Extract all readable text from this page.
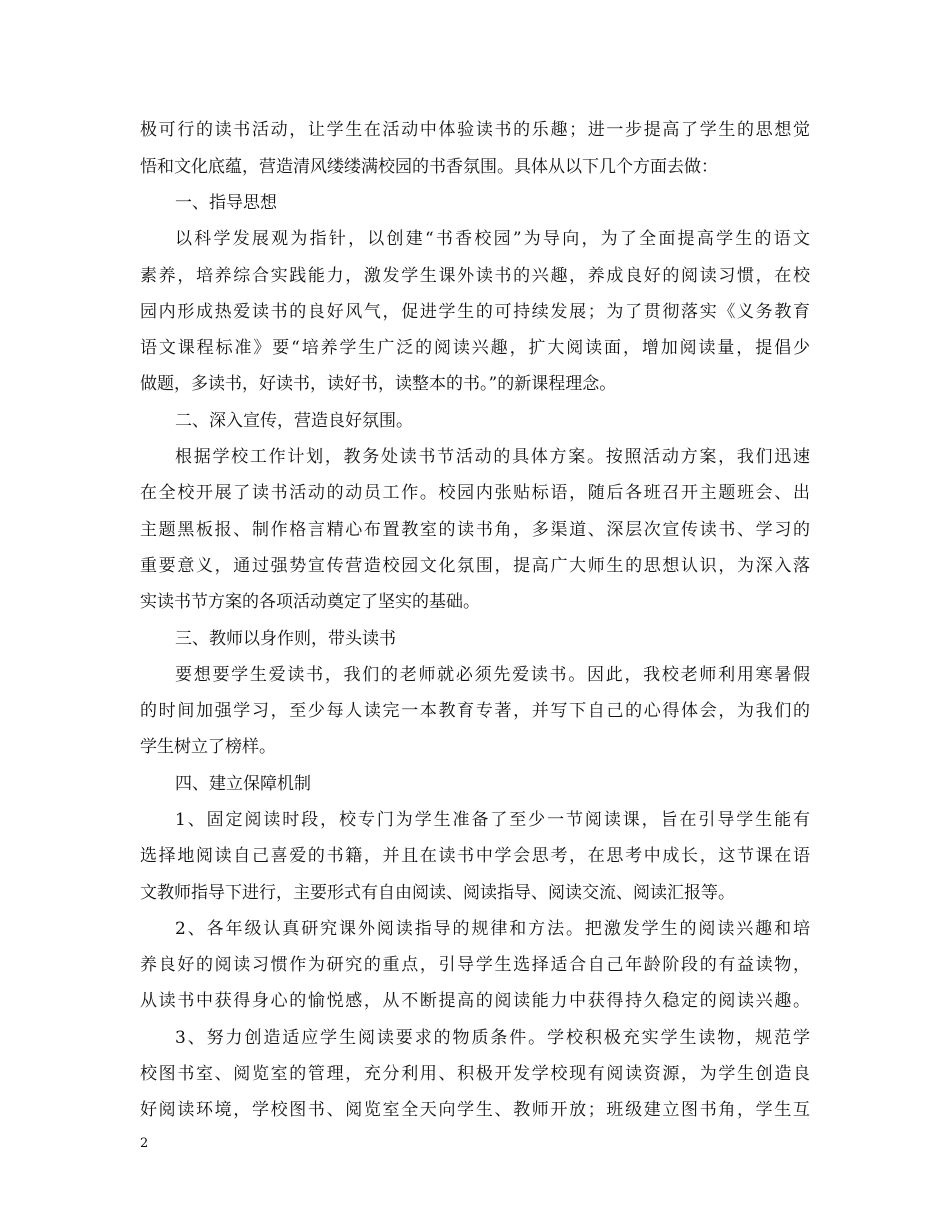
极可行的读书活动，让学生在活动中体验读书的乐趣；进一步提高了学生的思想觉
悟和文化底蕴，营造清风缕缕满校园的书香氛围。具体从以下几个方面去做：
一、指导思想
以科学发展观为指针，以创建“书香校园”为导向，为了全面提高学生的语文
素养，培养综合实践能力，激发学生课外读书的兴趣，养成良好的阅读习惯，在校
园内形成热爱读书的良好风气，促进学生的可持续发展；为了贯彻落实《义务教育
语文课程标准》要“培养学生广泛的阅读兴趣，扩大阅读面，增加阅读量，提倡少
做题，多读书，好读书，读好书，读整本的书。”的新课程理念。
二、深入宣传，营造良好氛围。
根据学校工作计划，教务处读书节活动的具体方案。按照活动方案，我们迅速
在全校开展了读书活动的动员工作。校园内张贴标语，随后各班召开主题班会、出
主题黑板报、制作格言精心布置教室的读书角，多渠道、深层次宣传读书、学习的
重要意义，通过强势宣传营造校园文化氛围，提高广大师生的思想认识，为深入落
实读书节方案的各项活动奠定了坚实的基础。
三、教师以身作则，带头读书
要想要学生爱读书，我们的老师就必须先爱读书。因此，我校老师利用寒暑假
的时间加强学习，至少每人读完一本教育专著，并写下自己的心得体会，为我们的
学生树立了榜样。
四、建立保障机制
1、固定阅读时段，校专门为学生准备了至少一节阅读课，旨在引导学生能有
选择地阅读自己喜爱的书籍，并且在读书中学会思考，在思考中成长，这节课在语
文教师指导下进行，主要形式有自由阅读、阅读指导、阅读交流、阅读汇报等。
2、各年级认真研究课外阅读指导的规律和方法。把激发学生的阅读兴趣和培
养良好的阅读习惯作为研究的重点，引导学生选择适合自己年龄阶段的有益读物，
从读书中获得身心的愉悦感，从不断提高的阅读能力中获得持久稳定的阅读兴趣。
3、努力创造适应学生阅读要求的物质条件。学校积极充实学生读物，规范学
校图书室、阅览室的管理，充分利用、积极开发学校现有阅读资源，为学生创造良
好阅读环境，学校图书、阅览室全天向学生、教师开放；班级建立图书角，学生互
2
